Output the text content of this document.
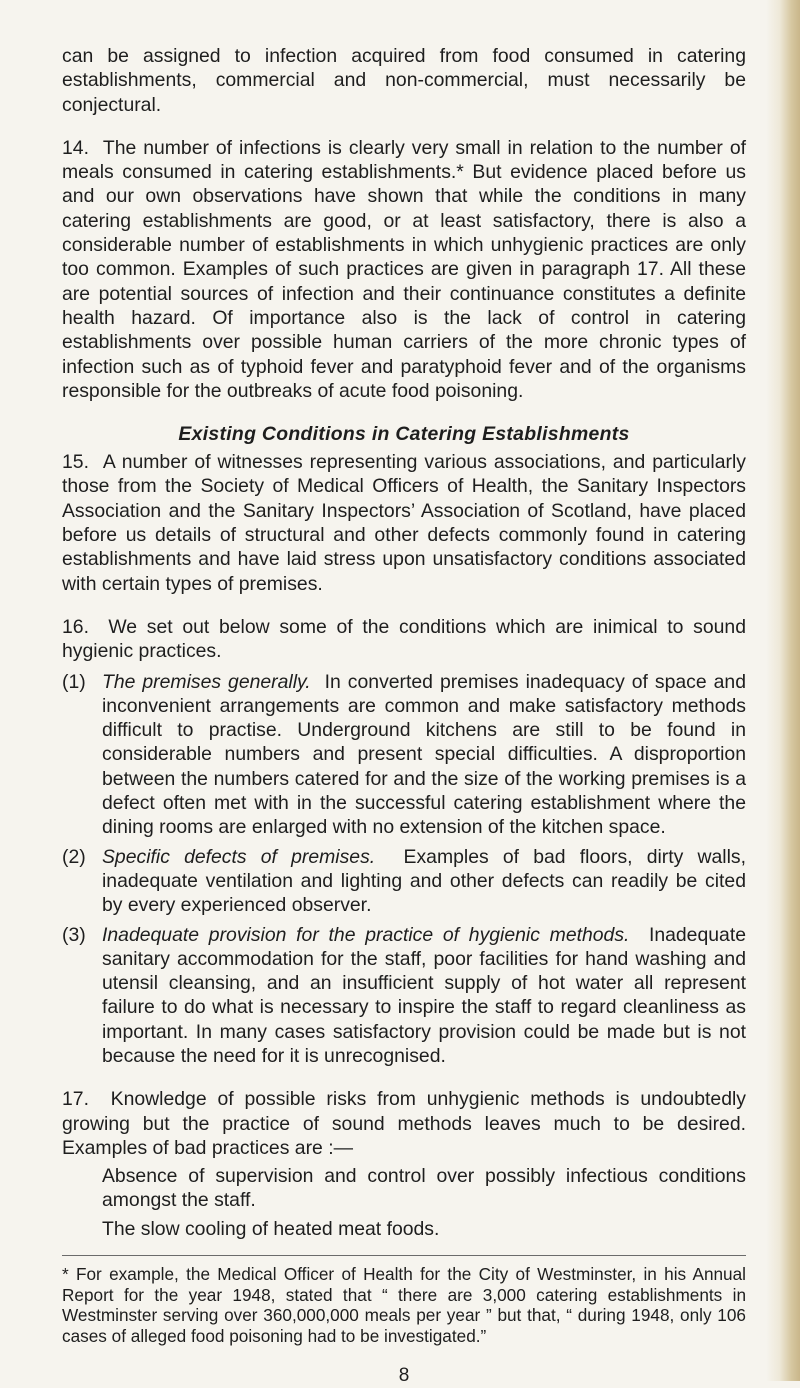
can be assigned to infection acquired from food consumed in catering establishments, commercial and non-commercial, must necessarily be conjectural.

14. The number of infections is clearly very small in relation to the number of meals consumed in catering establishments.* But evidence placed before us and our own observations have shown that while the conditions in many catering establishments are good, or at least satisfactory, there is also a considerable number of establishments in which unhygienic practices are only too common. Examples of such practices are given in paragraph 17. All these are potential sources of infection and their continuance constitutes a definite health hazard. Of importance also is the lack of control in catering establishments over possible human carriers of the more chronic types of infection such as of typhoid fever and paratyphoid fever and of the organisms responsible for the outbreaks of acute food poisoning.

Existing Conditions in Catering Establishments

15. A number of witnesses representing various associations, and particularly those from the Society of Medical Officers of Health, the Sanitary Inspectors Association and the Sanitary Inspectors’ Association of Scotland, have placed before us details of structural and other defects commonly found in catering establishments and have laid stress upon unsatisfactory conditions associated with certain types of premises.

16. We set out below some of the conditions which are inimical to sound hygienic practices.

(1) The premises generally. In converted premises inadequacy of space and inconvenient arrangements are common and make satisfactory methods difficult to practise. Underground kitchens are still to be found in considerable numbers and present special difficulties. A disproportion between the numbers catered for and the size of the working premises is a defect often met with in the successful catering establishment where the dining rooms are enlarged with no extension of the kitchen space.

(2) Specific defects of premises. Examples of bad floors, dirty walls, inadequate ventilation and lighting and other defects can readily be cited by every experienced observer.

(3) Inadequate provision for the practice of hygienic methods. Inadequate sanitary accommodation for the staff, poor facilities for hand washing and utensil cleansing, and an insufficient supply of hot water all represent failure to do what is necessary to inspire the staff to regard cleanliness as important. In many cases satisfactory provision could be made but is not because the need for it is unrecognised.

17. Knowledge of possible risks from unhygienic methods is undoubtedly growing but the practice of sound methods leaves much to be desired. Examples of bad practices are :—

Absence of supervision and control over possibly infectious conditions amongst the staff.

The slow cooling of heated meat foods.

* For example, the Medical Officer of Health for the City of Westminster, in his Annual Report for the year 1948, stated that “ there are 3,000 catering establishments in Westminster serving over 360,000,000 meals per year ” but that, “ during 1948, only 106 cases of alleged food poisoning had to be investigated.”

8
